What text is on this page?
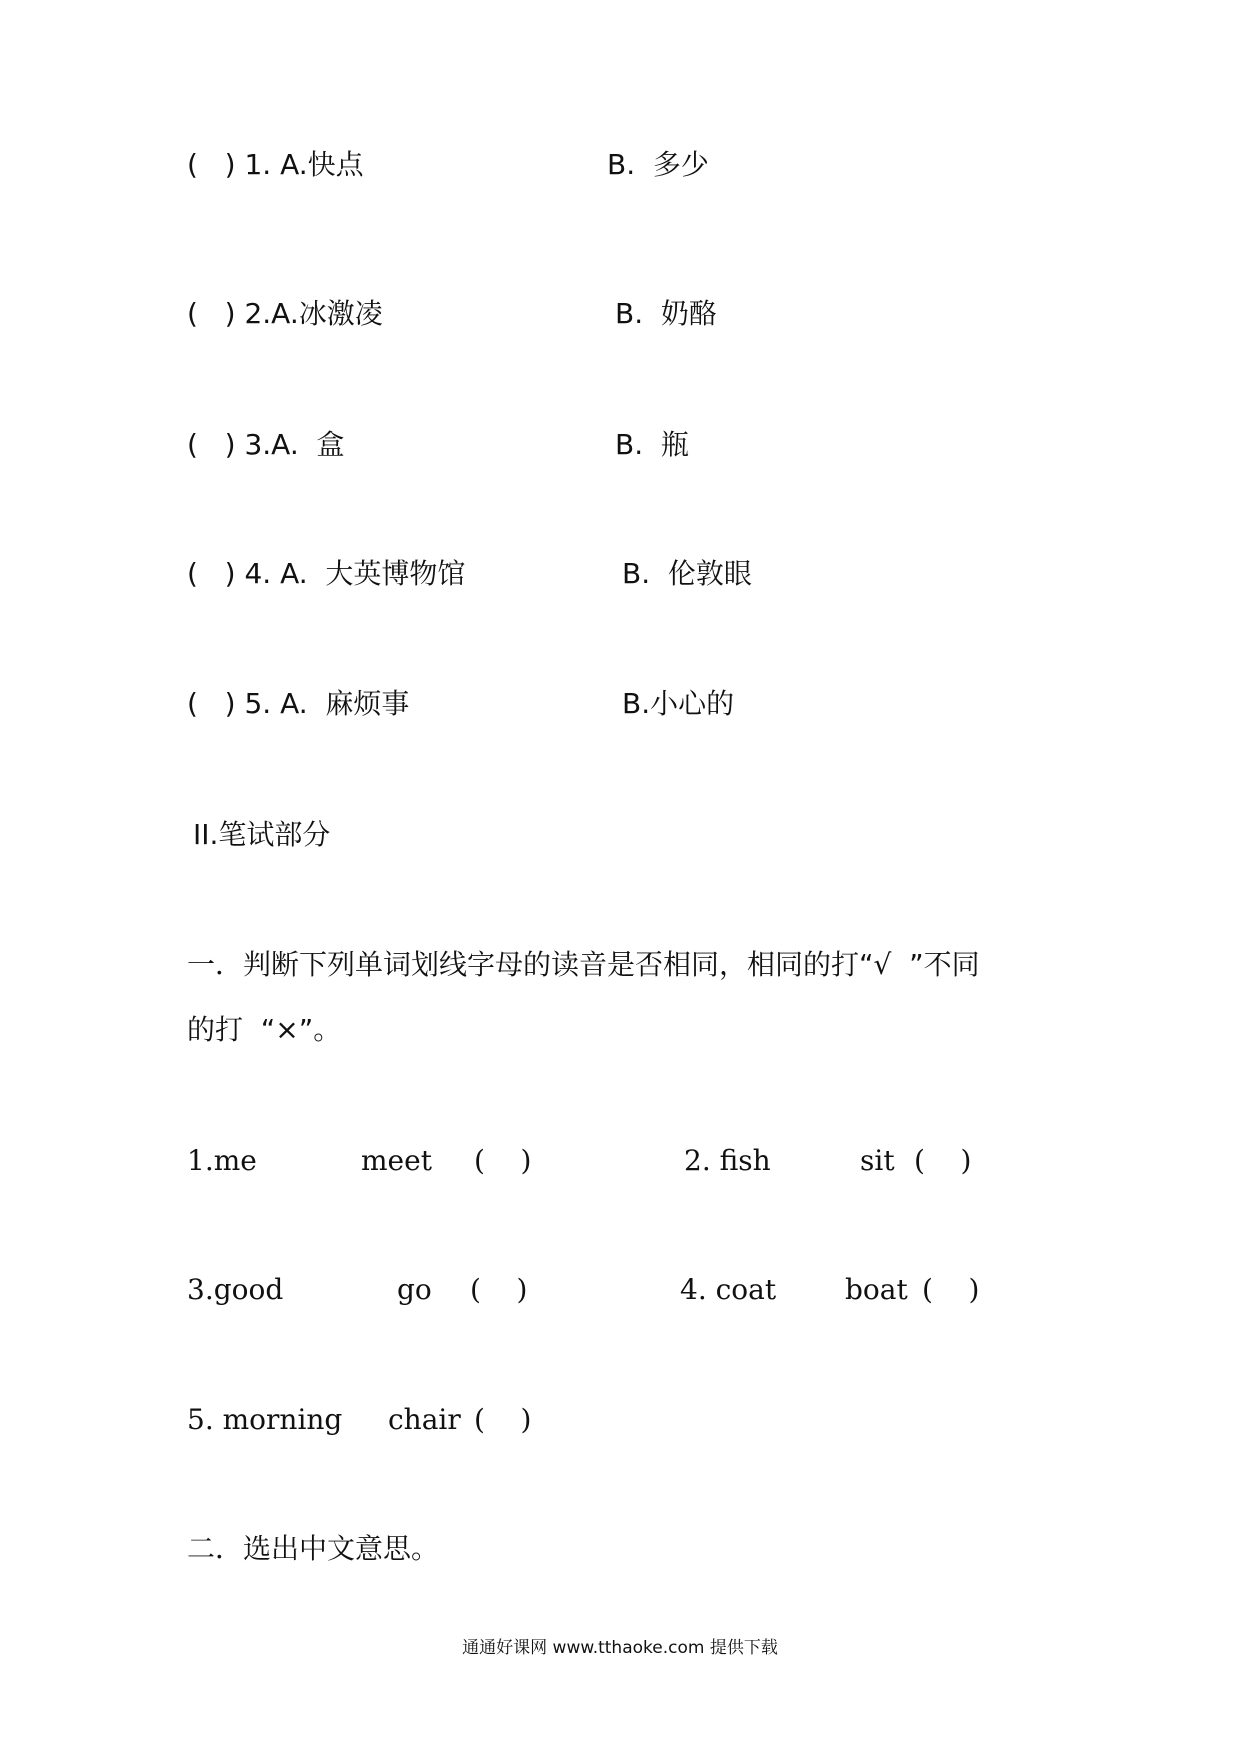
(   ) 1. A.快点	B.  多少
(   ) 2.A.冰激凌	B.  奶酪
(   ) 3.A.  盒	B.  瓶
(   ) 4. A.  大英博物馆	B.  伦敦眼
(   ) 5. A.  麻烦事	B.小心的
II.笔试部分
一．判断下列单词划线字母的读音是否相同，相同的打“√  ”不同
的打  “×”。
1.me	meet (    )	2. fish	sit (    )
3.good	go (    )	4. coat boat (    )
5. morning chair (    )
二．选出中文意思。
通通好课网 www.tthaoke.com 提供下载
